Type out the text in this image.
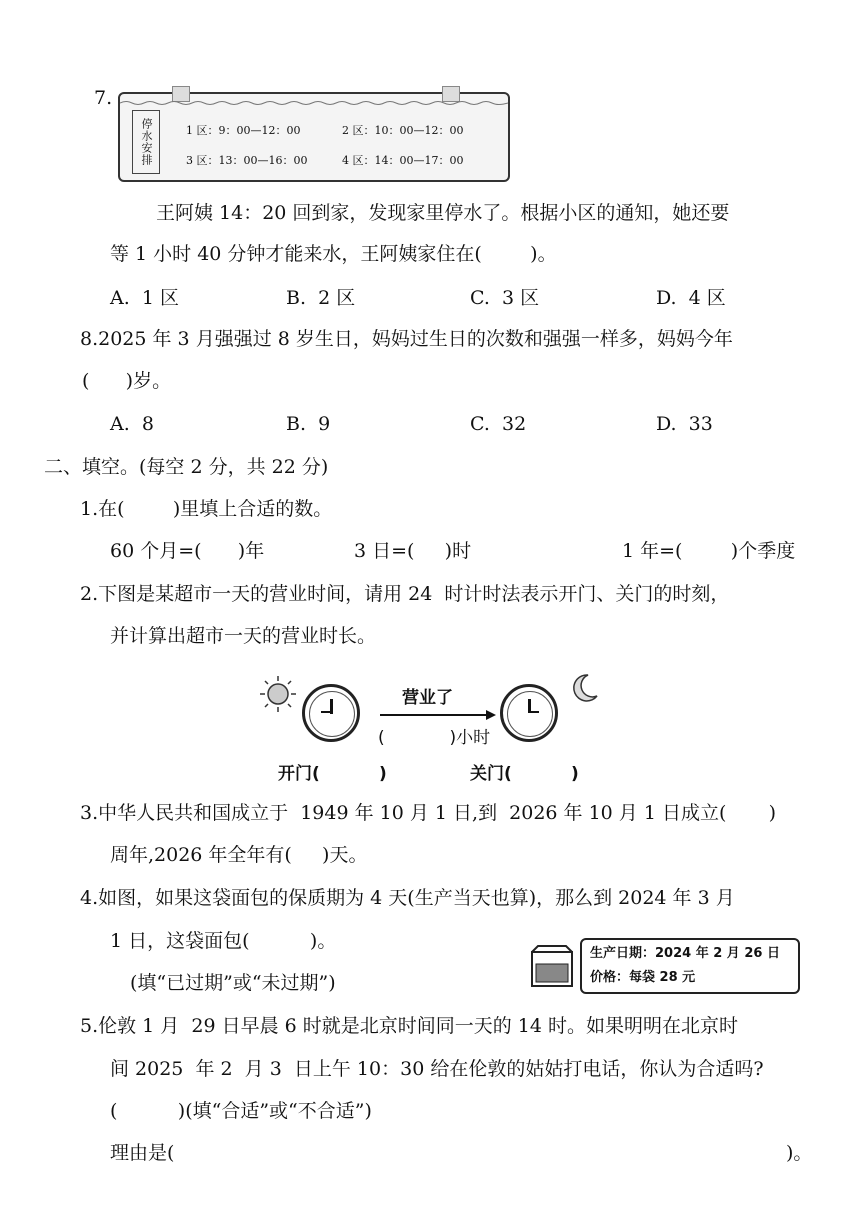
7.
停水安排	1 区：9：00—12：00	2 区：10：00—12：00
3 区：13：00—16：00	4 区：14：00—17：00
王阿姨 14：20 回到家，发现家里停水了。根据小区的通知，她还要
等 1 小时 40 分钟才能来水，王阿姨家住在(        )。
A.  1 区	B.  2 区	C.  3 区	D.  4 区
8.2025 年 3 月强强过 8 岁生日，妈妈过生日的次数和强强一样多，妈妈今年
(      )岁。
A.  8	B.  9	C.  32	D.  33
二、填空。(每空 2 分，共 22 分)
1.在(        )里填上合适的数。
60 个月=(      )年	3 日=(     )时	1 年=(        )个季度
2.下图是某超市一天的营业时间，请用 24  时计时法表示开门、关门的时刻，
并计算出超市一天的营业时长。
营业了
(            )小时
开门(          )	关门(          )
3.中华人民共和国成立于  1949 年 10 月 1 日,到  2026 年 10 月 1 日成立(       )
周年,2026 年全年有(     )天。
4.如图，如果这袋面包的保质期为 4 天(生产当天也算)，那么到 2024 年 3 月
1 日，这袋面包(          )。
(填“已过期”或“未过期”)
生产日期：2024 年 2 月 26 日
价格：每袋 28 元
5.伦敦 1 月  29 日早晨 6 时就是北京时间同一天的 14 时。如果明明在北京时
间 2025  年 2  月 3  日上午 10：30 给在伦敦的姑姑打电话，你认为合适吗?
(          )(填“合适”或“不合适”)
理由是(	)。
